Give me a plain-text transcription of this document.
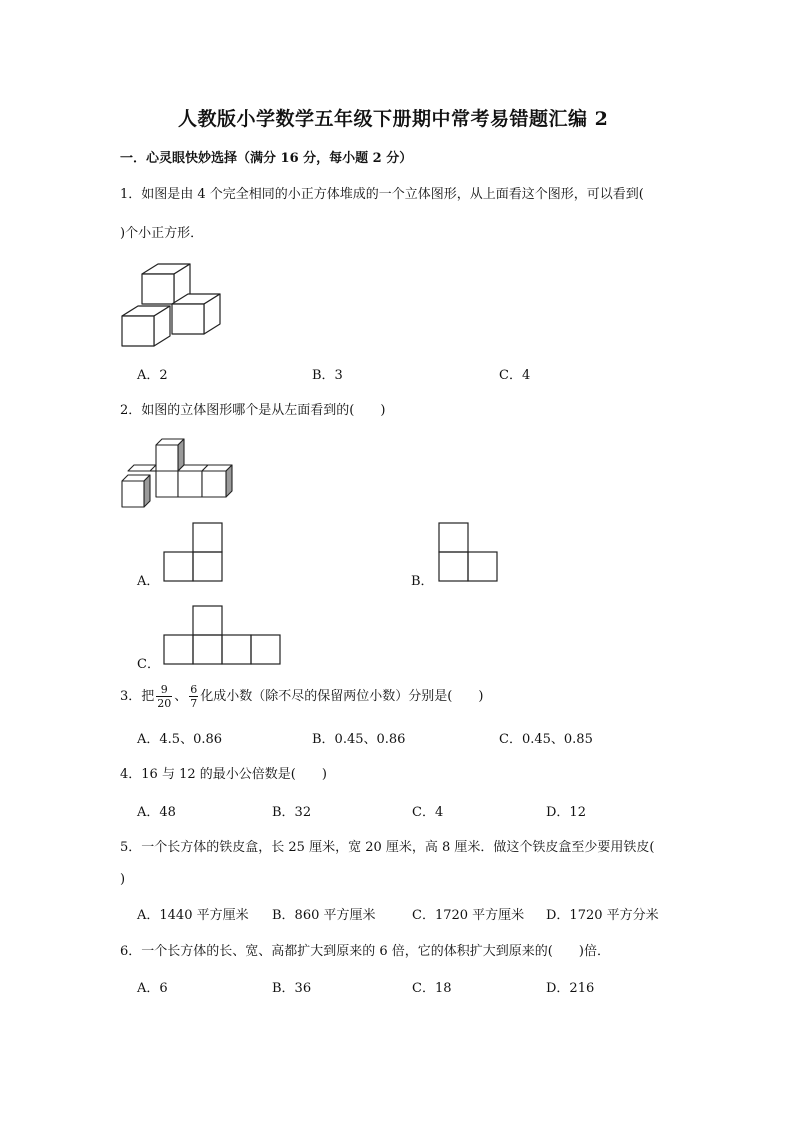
人教版小学数学五年级下册期中常考易错题汇编 2
一．心灵眼快妙选择（满分 16 分，每小题 2 分）
1．如图是由 4 个完全相同的小正方体堆成的一个立体图形，从上面看这个图形，可以看到(
)个小正方形．
A．2	B．3	C．4
2．如图的立体图形哪个是从左面看到的(　　)
A．	B．
C．
3．把 $\frac{9}{20}$ 、 $\frac{6}{7}$ 化成小数（除不尽的保留两位小数）分别是(　　)
A．4.5、0.86	B．0.45、0.86	C．0.45、0.85
4．16 与 12 的最小公倍数是(　　)
A．48	B．32	C．4	D．12
5．一个长方体的铁皮盒，长 25 厘米，宽 20 厘米，高 8 厘米．做这个铁皮盒至少要用铁皮(
)
A．1440 平方厘米 B．860 平方厘米	C．1720 平方厘米 D．1720 平方分米
6．一个长方体的长、宽、高都扩大到原来的 6 倍，它的体积扩大到原来的(　　)倍．
A．6	B．36	C．18	D．216
